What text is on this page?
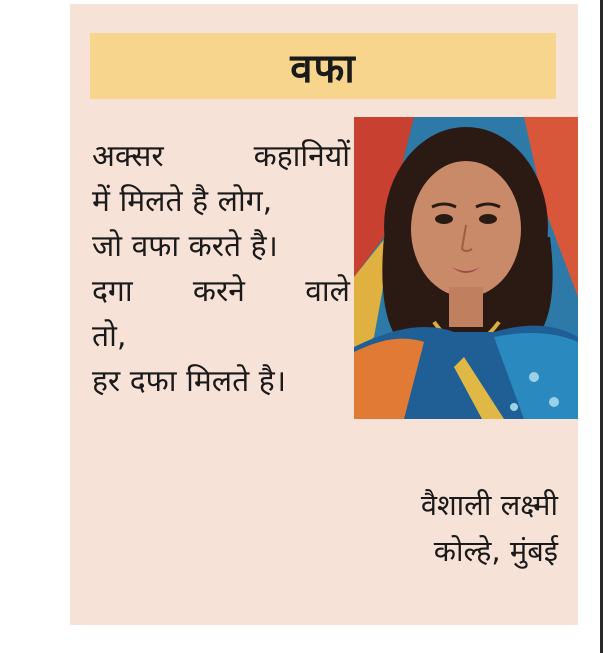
वफा
अक्सर	कहानियों
में मिलते है लोग,
जो वफा करते है।
दगा करने वाले
तो,
हर दफा मिलते है।
वैशाली लक्ष्मी
कोल्हे, मुंबई
